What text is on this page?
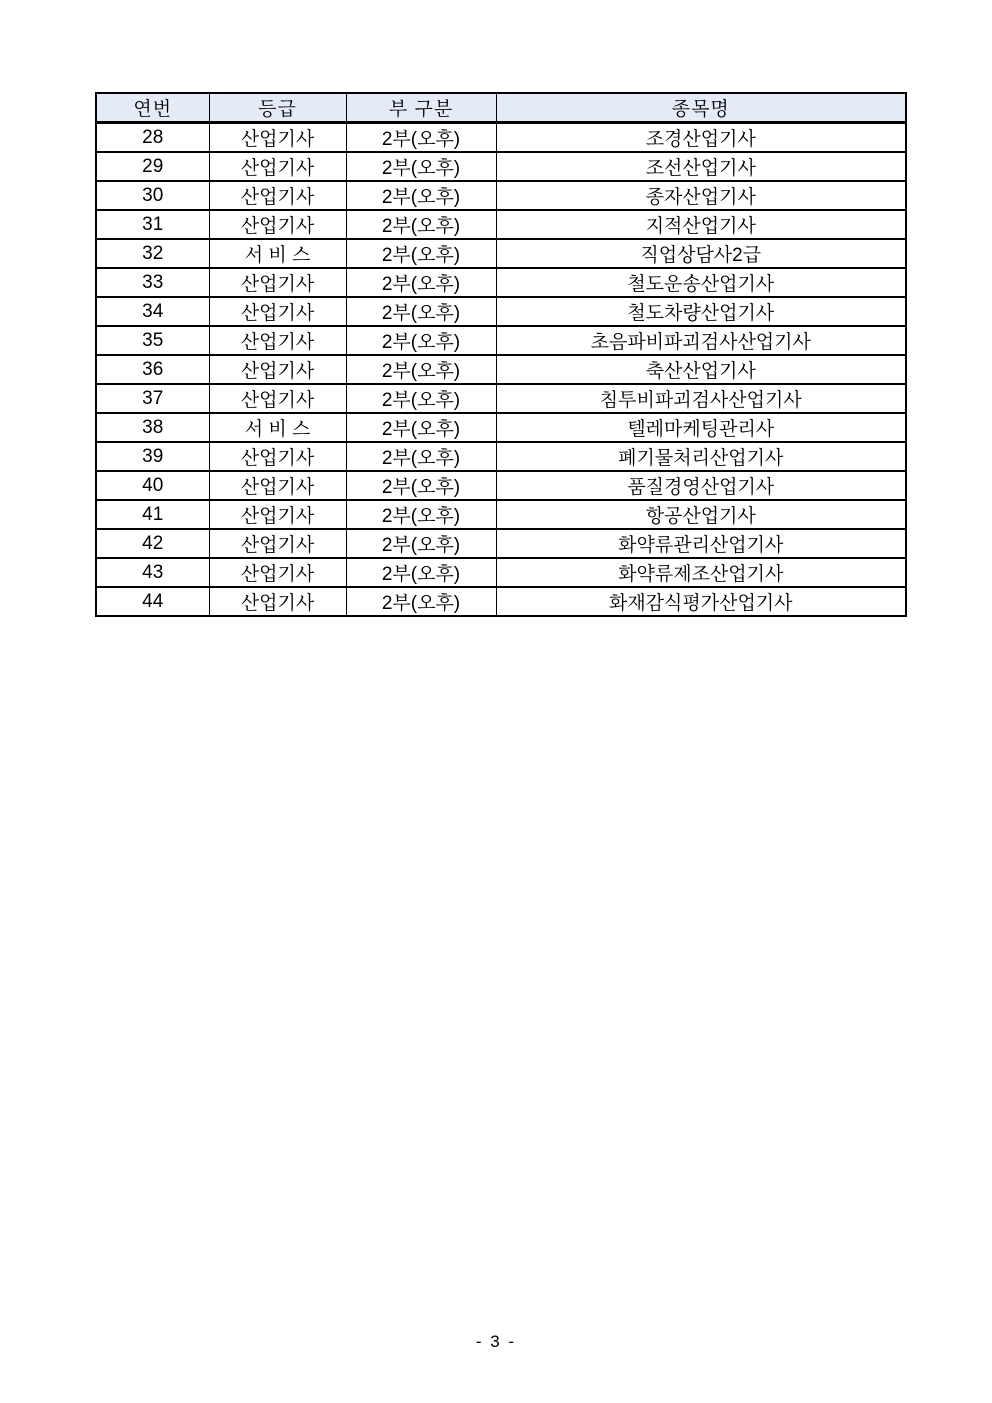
연번	등급	부 구분	종목명
28	산업기사	2부(오후)	조경산업기사
29	산업기사	2부(오후)	조선산업기사
30	산업기사	2부(오후)	종자산업기사
31	산업기사	2부(오후)	지적산업기사
32	서 비 스	2부(오후)	직업상담사2급
33	산업기사	2부(오후)	철도운송산업기사
34	산업기사	2부(오후)	철도차량산업기사
35	산업기사	2부(오후)	초음파비파괴검사산업기사
36	산업기사	2부(오후)	축산산업기사
37	산업기사	2부(오후)	침투비파괴검사산업기사
38	서 비 스	2부(오후)	텔레마케팅관리사
39	산업기사	2부(오후)	폐기물처리산업기사
40	산업기사	2부(오후)	품질경영산업기사
41	산업기사	2부(오후)	항공산업기사
42	산업기사	2부(오후)	화약류관리산업기사
43	산업기사	2부(오후)	화약류제조산업기사
44	산업기사	2부(오후)	화재감식평가산업기사
- 3 -
